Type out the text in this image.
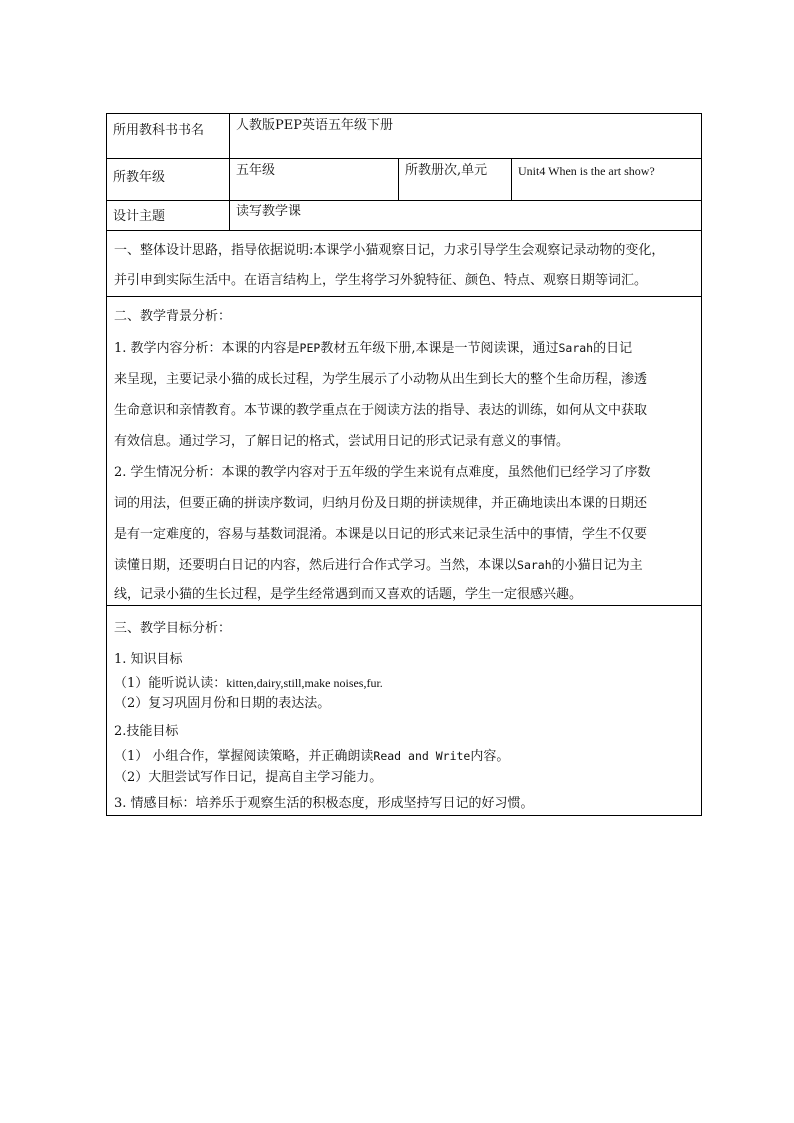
所用教科书书名	人教版PEP英语五年级下册
所教年级	五年级	所教册次,单元	Unit4 When is the art show?
设计主题	读写教学课
一、整体设计思路，指导依据说明:本课学小猫观察日记，力求引导学生会观察记录动物的变化，
并引申到实际生活中。在语言结构上，学生将学习外貌特征、颜色、特点、观察日期等词汇。
二、教学背景分析：
1. 教学内容分析：本课的内容是PEP教材五年级下册,本课是一节阅读课，通过Sarah的日记
来呈现，主要记录小猫的成长过程，为学生展示了小动物从出生到长大的整个生命历程，渗透
生命意识和亲情教育。本节课的教学重点在于阅读方法的指导、表达的训练，如何从文中获取
有效信息。通过学习，了解日记的格式，尝试用日记的形式记录有意义的事情。
2. 学生情况分析：本课的教学内容对于五年级的学生来说有点难度，虽然他们已经学习了序数
词的用法，但要正确的拼读序数词，归纳月份及日期的拼读规律，并正确地读出本课的日期还
是有一定难度的，容易与基数词混淆。本课是以日记的形式来记录生活中的事情，学生不仅要
读懂日期，还要明白日记的内容，然后进行合作式学习。当然，本课以Sarah的小猫日记为主
线，记录小猫的生长过程，是学生经常遇到而又喜欢的话题，学生一定很感兴趣。
三、教学目标分析：
1. 知识目标
（1）能听说认读：kitten,dairy,still,make noises,fur.
（2）复习巩固月份和日期的表达法。
2.技能目标
（1） 小组合作，掌握阅读策略，并正确朗读Read and Write内容。
（2）大胆尝试写作日记，提高自主学习能力。
3. 情感目标：培养乐于观察生活的积极态度，形成坚持写日记的好习惯。
